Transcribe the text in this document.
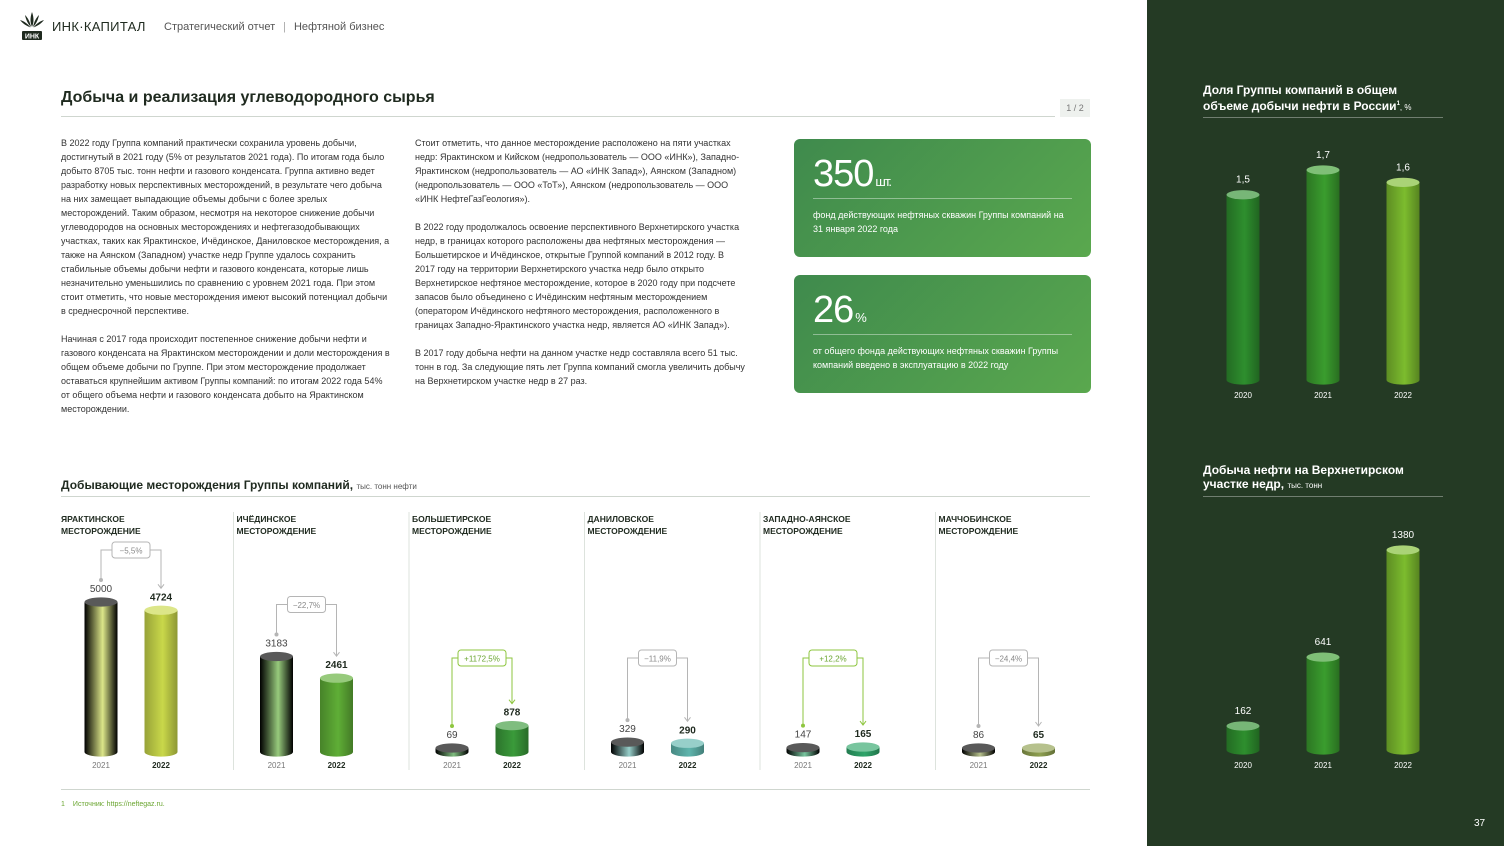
ИНК
ИНК·КАПИТАЛ Стратегический отчет | Нефтяной бизнес
Добыча и реализация углеводородного сырья
1 / 2

В 2022 году Группа компаний практически сохранила уровень добычи, достигнутый в 2021 году (5% от результатов 2021 года). По итогам года было добыто 8705 тыс. тонн нефти и газового конденсата. Группа активно ведет разработку новых перспективных месторождений, в результате чего добыча на них замещает выпадающие объемы добычи с более зрелых месторождений. Таким образом, несмотря на некоторое снижение добычи углеводородов на основных месторождениях и нефтегазодобывающих участках, таких как Ярактинское, Ичёдинское, Даниловское месторождения, а также на Аянском (Западном) участке недр Группе удалось сохранить стабильные объемы добычи нефти и газового конденсата, которые лишь незначительно уменьшились по сравнению с уровнем 2021 года. При этом стоит отметить, что новые месторождения имеют высокий потенциал добычи в среднесрочной перспективе.

Начиная с 2017 года происходит постепенное снижение добычи нефти и газового конденсата на Ярактинском месторождении и доли месторождения в общем объеме добычи по Группе. При этом месторождение продолжает оставаться крупнейшим активом Группы компаний: по итогам 2022 года 54% от общего объема нефти и газового конденсата добыто на Ярактинском месторождении.

Стоит отметить, что данное месторождение расположено на пяти участках недр: Ярактинском и Кийском (недропользователь — ООО «ИНК»), Западно-Ярактинском (недропользователь — АО «ИНК Запад»), Аянском (Западном) (недропользователь — ООО «ТоТ»), Аянском (недропользователь — ООО «ИНК НефтеГазГеология»).

В 2022 году продолжалось освоение перспективного Верхнетирского участка недр, в границах которого расположены два нефтяных месторождения — Большетирское и Ичёдинское, открытые Группой компаний в 2012 году. В 2017 году на территории Верхнетирского участка недр было открыто Верхнетирское нефтяное месторождение, которое в 2020 году при подсчете запасов было объединено с Ичёдинским нефтяным месторождением (оператором Ичёдинского нефтяного месторождения, расположенного в границах Западно-Ярактинского участка недр, является АО «ИНК Запад»).

В 2017 году добыча нефти на данном участке недр составляла всего 51 тыс. тонн в год. За следующие пять лет Группа компаний смогла увеличить добычу на Верхнетирском участке недр в 27 раз.

350 шт.
фонд действующих нефтяных скважин Группы компаний на 31 января 2022 года
26 %
от общего фонда действующих нефтяных скважин Группы компаний введено в эксплуатацию в 2022 году
Добывающие месторождения Группы компаний, тыс. тонн нефти
ЯРАКТИНСКОЕ МЕСТОРОЖДЕНИЕ
5000
4724
2021	2022
−5,5%
ИЧЁДИНСКОЕ МЕСТОРОЖДЕНИЕ
3183
2461
2021	2022
−22,7%
БОЛЬШЕТИРСКОЕ МЕСТОРОЖДЕНИЕ
69
878
2021	2022
+1172,5%
ДАНИЛОВСКОЕ МЕСТОРОЖДЕНИЕ
329	290
2021	2022
−11,9%
ЗАПАДНО-АЯНСКОЕ МЕСТОРОЖДЕНИЕ
147	165
2021	2022
+12,2%
МАЧЧОБИНСКОЕ МЕСТОРОЖДЕНИЕ
86	65
2021	2022
−24,4%
1 Источник: https://neftegaz.ru.
Доля Группы компаний в общем объеме добычи нефти в России$^1$, %
1,5
2020
1,7
2021
1,6
2022
Добыча нефти на Верхнетирском участке недр, тыс. тонн
162
2020
641
2021
1380
2022
37
